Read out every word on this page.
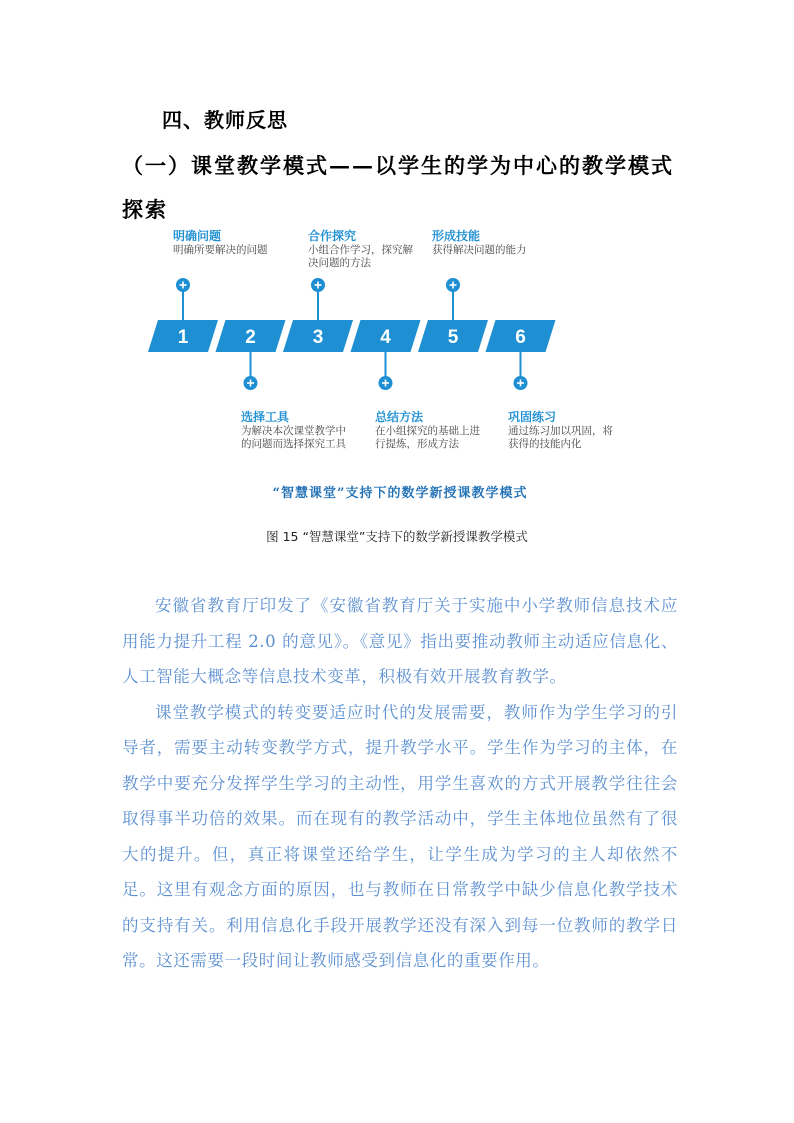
四、教师反思
（一）课堂教学模式——以学生的学为中心的教学模式探索
1	2	3	4	5	6
明确问题
明确所要解决的问题
合作探究
小组合作学习，探究解决问题的方法
形成技能
获得解决问题的能力
选择工具
为解决本次课堂教学中的问题而选择探究工具
总结方法
在小组探究的基础上进行提炼，形成方法
巩固练习
通过练习加以巩固，将获得的技能内化
“智慧课堂”支持下的数学新授课教学模式
图 15 “智慧课堂”支持下的数学新授课教学模式

安徽省教育厅印发了《安徽省教育厅关于实施中小学教师信息技术应用能力提升工程 2.0 的意见》。《意见》指出要推动教师主动适应信息化、人工智能大概念等信息技术变革，积极有效开展教育教学。

课堂教学模式的转变要适应时代的发展需要，教师作为学生学习的引导者，需要主动转变教学方式，提升教学水平。学生作为学习的主体，在教学中要充分发挥学生学习的主动性，用学生喜欢的方式开展教学往往会取得事半功倍的效果。而在现有的教学活动中，学生主体地位虽然有了很大的提升。但，真正将课堂还给学生，让学生成为学习的主人却依然不足。这里有观念方面的原因，也与教师在日常教学中缺少信息化教学技术的支持有关。利用信息化手段开展教学还没有深入到每一位教师的教学日常。这还需要一段时间让教师感受到信息化的重要作用。
